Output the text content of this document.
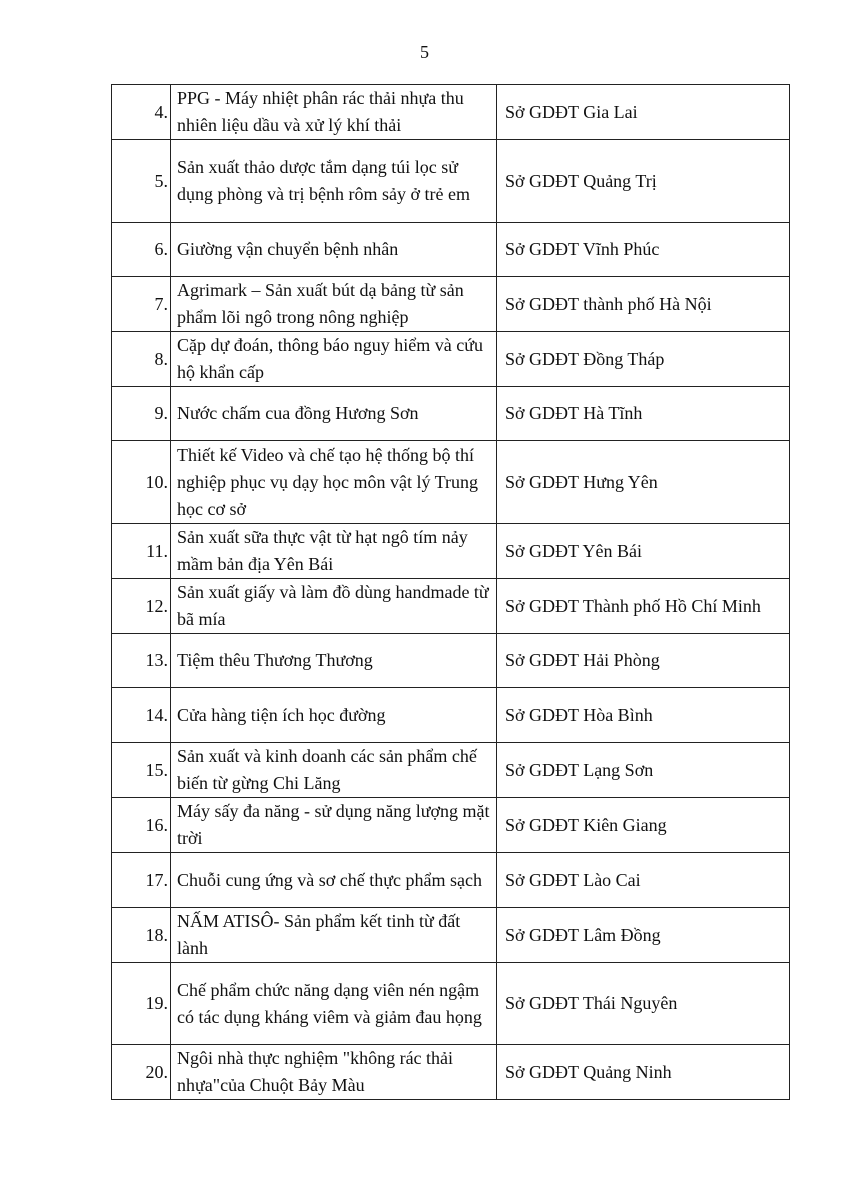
5
4.	PPG - Máy nhiệt phân rác thải nhựa thu nhiên liệu dầu và xử lý khí thải	Sở GDĐT Gia Lai
5.	Sản xuất thảo dược tắm dạng túi lọc sử dụng phòng và trị bệnh rôm sảy ở trẻ em	Sở GDĐT Quảng Trị
6.	Giường vận chuyển bệnh nhân	Sở GDĐT Vĩnh Phúc
7.	Agrimark – Sản xuất bút dạ bảng từ sản phẩm lõi ngô trong nông nghiệp	Sở GDĐT thành phố Hà Nội
8.	Cặp dự đoán, thông báo nguy hiểm và cứu hộ khẩn cấp	Sở GDĐT Đồng Tháp
9.	Nước chấm cua đồng Hương Sơn	Sở GDĐT Hà Tĩnh
10.	Thiết kế Video và chế tạo hệ thống bộ thí nghiệp phục vụ dạy học môn vật lý Trung học cơ sở	Sở GDĐT Hưng Yên
11.	Sản xuất sữa thực vật từ hạt ngô tím nảy mầm bản địa Yên Bái	Sở GDĐT Yên Bái
12.	Sản xuất giấy và làm đồ dùng handmade từ bã mía	Sở GDĐT Thành phố Hồ Chí Minh
13.	Tiệm thêu Thương Thương	Sở GDĐT Hải Phòng
14.	Cửa hàng tiện ích học đường	Sở GDĐT Hòa Bình
15.	Sản xuất và kinh doanh các sản phẩm chế biến từ gừng Chi Lăng	Sở GDĐT Lạng Sơn
16.	Máy sấy đa năng - sử dụng năng lượng mặt trời	Sở GDĐT Kiên Giang
17.	Chuỗi cung ứng và sơ chế thực phẩm sạch	Sở GDĐT Lào Cai
18.	NẤM ATISÔ- Sản phẩm kết tinh từ đất lành	Sở GDĐT Lâm Đồng
19.	Chế phẩm chức năng dạng viên nén ngậm có tác dụng kháng viêm và giảm đau họng	Sở GDĐT Thái Nguyên
20.	Ngôi nhà thực nghiệm "không rác thải nhựa"của Chuột Bảy Màu	Sở GDĐT Quảng Ninh
